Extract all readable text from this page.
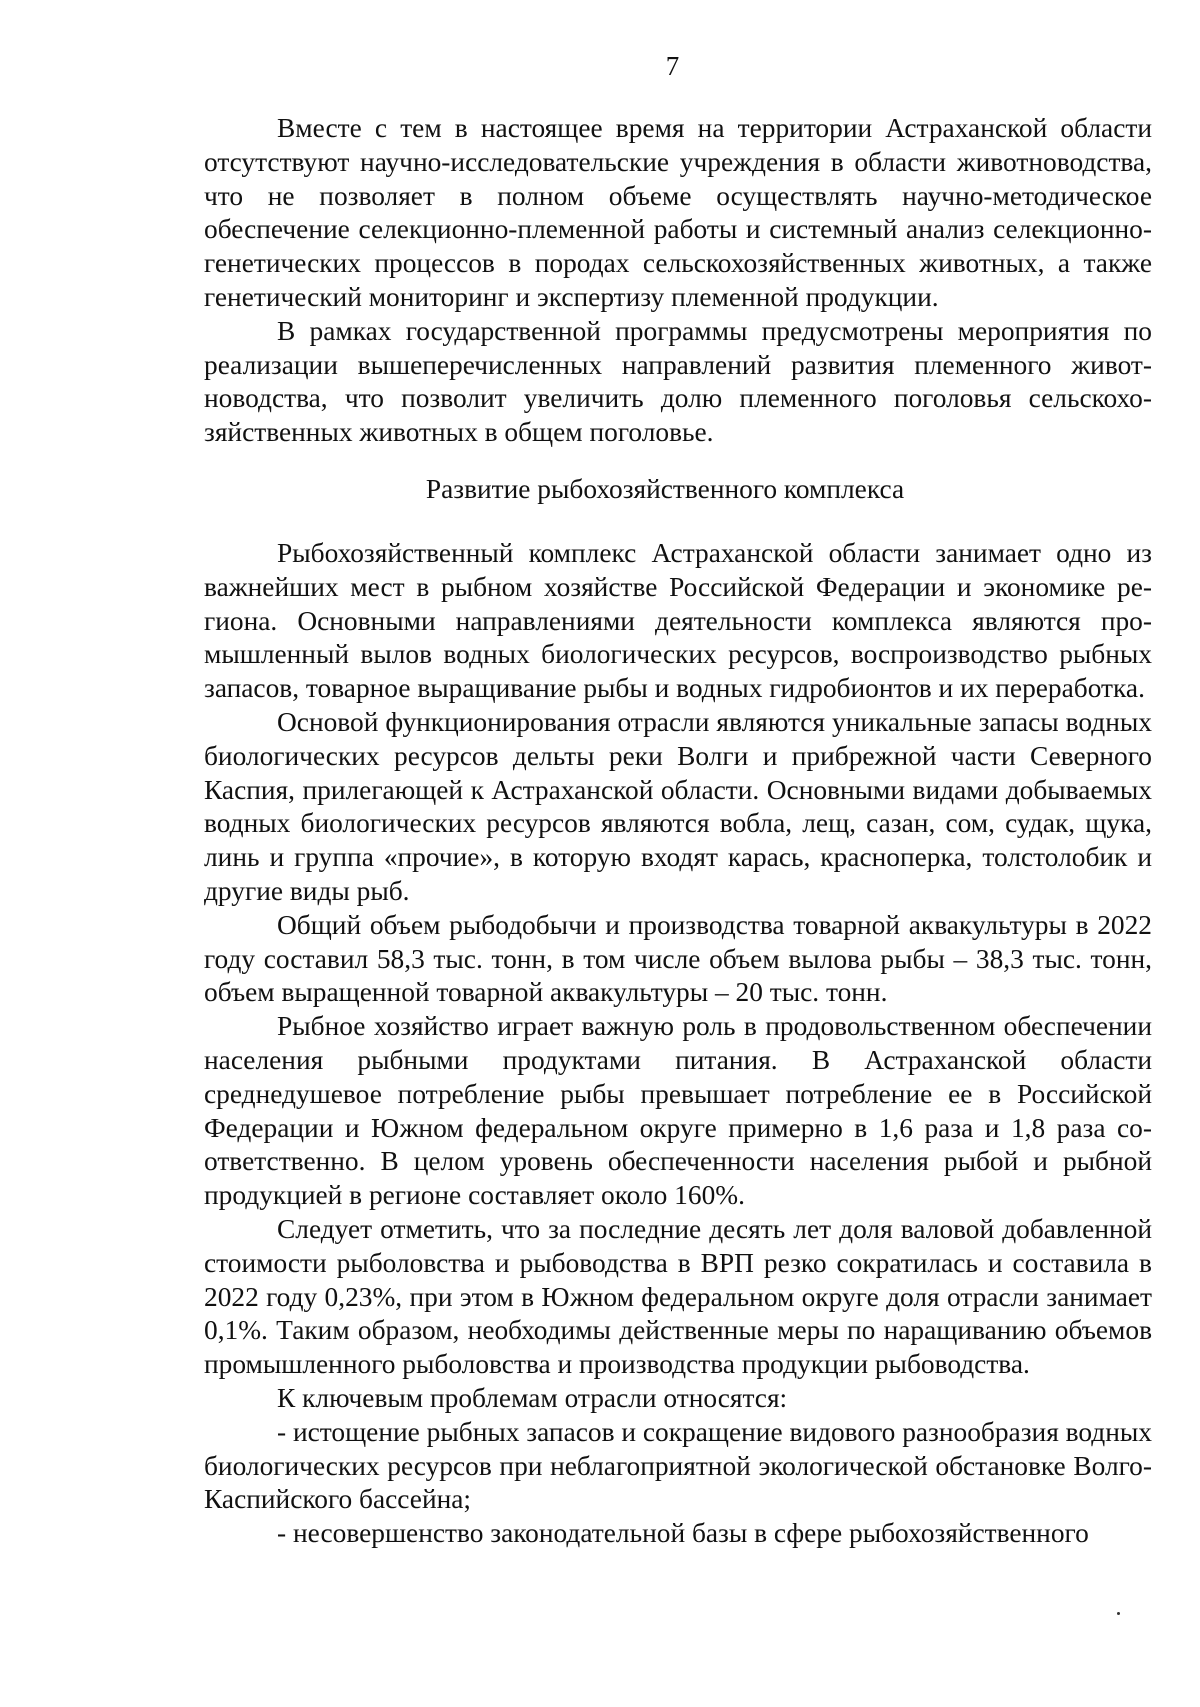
7

Вместе с тем в настоящее время на территории Астраханской области отсутствуют научно-исследовательские учреждения в области животноводства, что не позволяет в полном объеме осуществлять научно-методическое обеспечение селекционно-племенной работы и системный анализ селекционно-генетических процессов в породах сельскохозяйственных животных, а также генетический мониторинг и экспертизу племенной продукции.

В рамках государственной программы предусмотрены мероприятия по реализации вышеперечисленных направлений развития племенного животноводства, что позволит увеличить долю племенного поголовья сельскохозяйственных животных в общем поголовье.

Развитие рыбохозяйственного комплекса

Рыбохозяйственный комплекс Астраханской области занимает одно из важнейших мест в рыбном хозяйстве Российской Федерации и экономике региона. Основными направлениями деятельности комплекса являются промышленный вылов водных биологических ресурсов, воспроизводство рыбных запасов, товарное выращивание рыбы и водных гидробионтов и их переработка.

Основой функционирования отрасли являются уникальные запасы водных биологических ресурсов дельты реки Волги и прибрежной части Северного Каспия, прилегающей к Астраханской области. Основными видами добываемых водных биологических ресурсов являются вобла, лещ, сазан, сом, судак, щука, линь и группа «прочие», в которую входят карась, красноперка, толстолобик и другие виды рыб.

Общий объем рыбодобычи и производства товарной аквакультуры в 2022 году составил 58,3 тыс. тонн, в том числе объем вылова рыбы – 38,3 тыс. тонн, объем выращенной товарной аквакультуры – 20 тыс. тонн.

Рыбное хозяйство играет важную роль в продовольственном обеспечении населения рыбными продуктами питания. В Астраханской области среднедушевое потребление рыбы превышает потребление ее в Российской Федерации и Южном федеральном округе примерно в 1,6 раза и 1,8 раза соответственно. В целом уровень обеспеченности населения рыбой и рыбной продукцией в регионе составляет около 160%.

Следует отметить, что за последние десять лет доля валовой добавленной стоимости рыболовства и рыбоводства в ВРП резко сократилась и составила в 2022 году 0,23%, при этом в Южном федеральном округе доля отрасли занимает 0,1%. Таким образом, необходимы действенные меры по наращиванию объемов промышленного рыболовства и производства продукции рыбоводства.

К ключевым проблемам отрасли относятся:

- истощение рыбных запасов и сокращение видового разнообразия водных биологических ресурсов при неблагоприятной экологической обстановке Волго-Каспийского бассейна;

- несовершенство законодательной базы в сфере рыбохозяйственного
